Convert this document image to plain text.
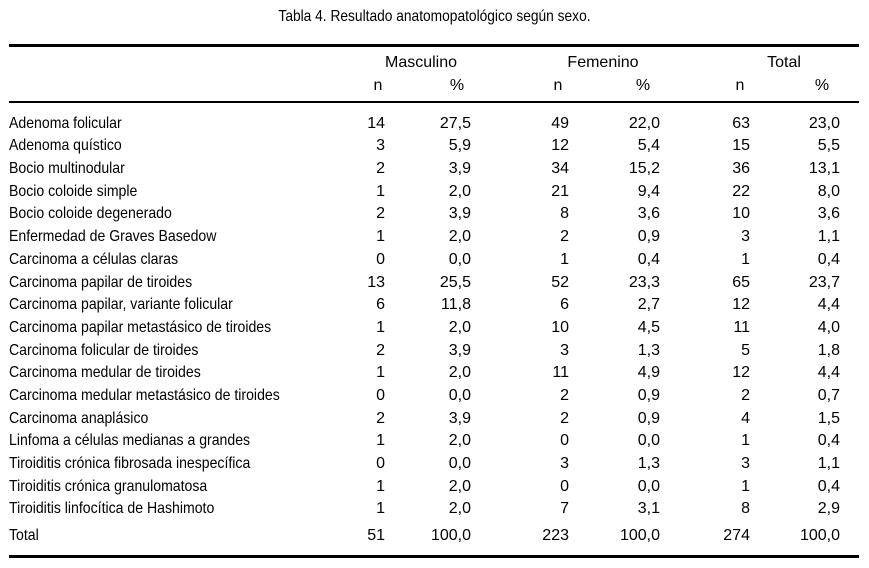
Tabla 4. Resultado anatomopatológico según sexo.
Masculino	Femenino	Total
n	%	n	%	n	%
Adenoma folicular	14	27,5	49	22,0	63	23,0
Adenoma quístico	3	5,9	12	5,4	15	5,5
Bocio multinodular	2	3,9	34	15,2	36	13,1
Bocio coloide simple	1	2,0	21	9,4	22	8,0
Bocio coloide degenerado	2	3,9	8	3,6	10	3,6
Enfermedad de Graves Basedow	1	2,0	2	0,9	3	1,1
Carcinoma a células claras	0	0,0	1	0,4	1	0,4
Carcinoma papilar de tiroides	13	25,5	52	23,3	65	23,7
Carcinoma papilar, variante folicular	6	11,8	6	2,7	12	4,4
Carcinoma papilar metastásico de tiroides	1	2,0	10	4,5	11	4,0
Carcinoma folicular de tiroides	2	3,9	3	1,3	5	1,8
Carcinoma medular de tiroides	1	2,0	11	4,9	12	4,4
Carcinoma medular metastásico de tiroides	0	0,0	2	0,9	2	0,7
Carcinoma anaplásico	2	3,9	2	0,9	4	1,5
Linfoma a células medianas a grandes	1	2,0	0	0,0	1	0,4
Tiroiditis crónica fibrosada inespecífica	0	0,0	3	1,3	3	1,1
Tiroiditis crónica granulomatosa	1	2,0	0	0,0	1	0,4
Tiroiditis linfocítica de Hashimoto	1	2,0	7	3,1	8	2,9
Total	51	100,0	223	100,0	274	100,0
